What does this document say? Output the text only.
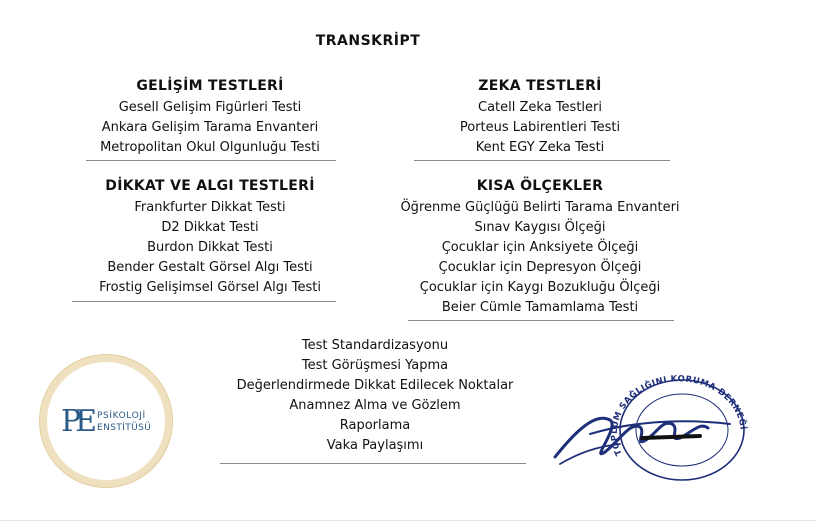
TRANSKRİPT
GELİŞİM TESTLERİ
Gesell Gelişim Figürleri Testi
Ankara Gelişim Tarama Envanteri
Metropolitan Okul Olgunluğu Testi
ZEKA TESTLERİ
Catell Zeka Testleri
Porteus Labirentleri Testi
Kent EGY Zeka Testi
DİKKAT VE ALGI TESTLERİ
Frankfurter Dikkat Testi
D2 Dikkat Testi
Burdon Dikkat Testi
Bender Gestalt Görsel Algı Testi
Frostig Gelişimsel Görsel Algı Testi
KISA ÖLÇEKLER
Öğrenme Güçlüğü Belirti Tarama Envanteri
Sınav Kaygısı Ölçeği
Çocuklar için Anksiyete Ölçeği
Çocuklar için Depresyon Ölçeği
Çocuklar için Kaygı Bozukluğu Ölçeği
Beier Cümle Tamamlama Testi
Test Standardizasyonu
Test Görüşmesi Yapma
Değerlendirmede Dikkat Edilecek Noktalar
Anamnez Alma ve Gözlem
Raporlama
Vaka Paylaşımı
PE PSİKOLOJİ
ENSTİTÜSÜ
TOPLUM SAĞLIĞINI KORUMA DERNEĞİ
